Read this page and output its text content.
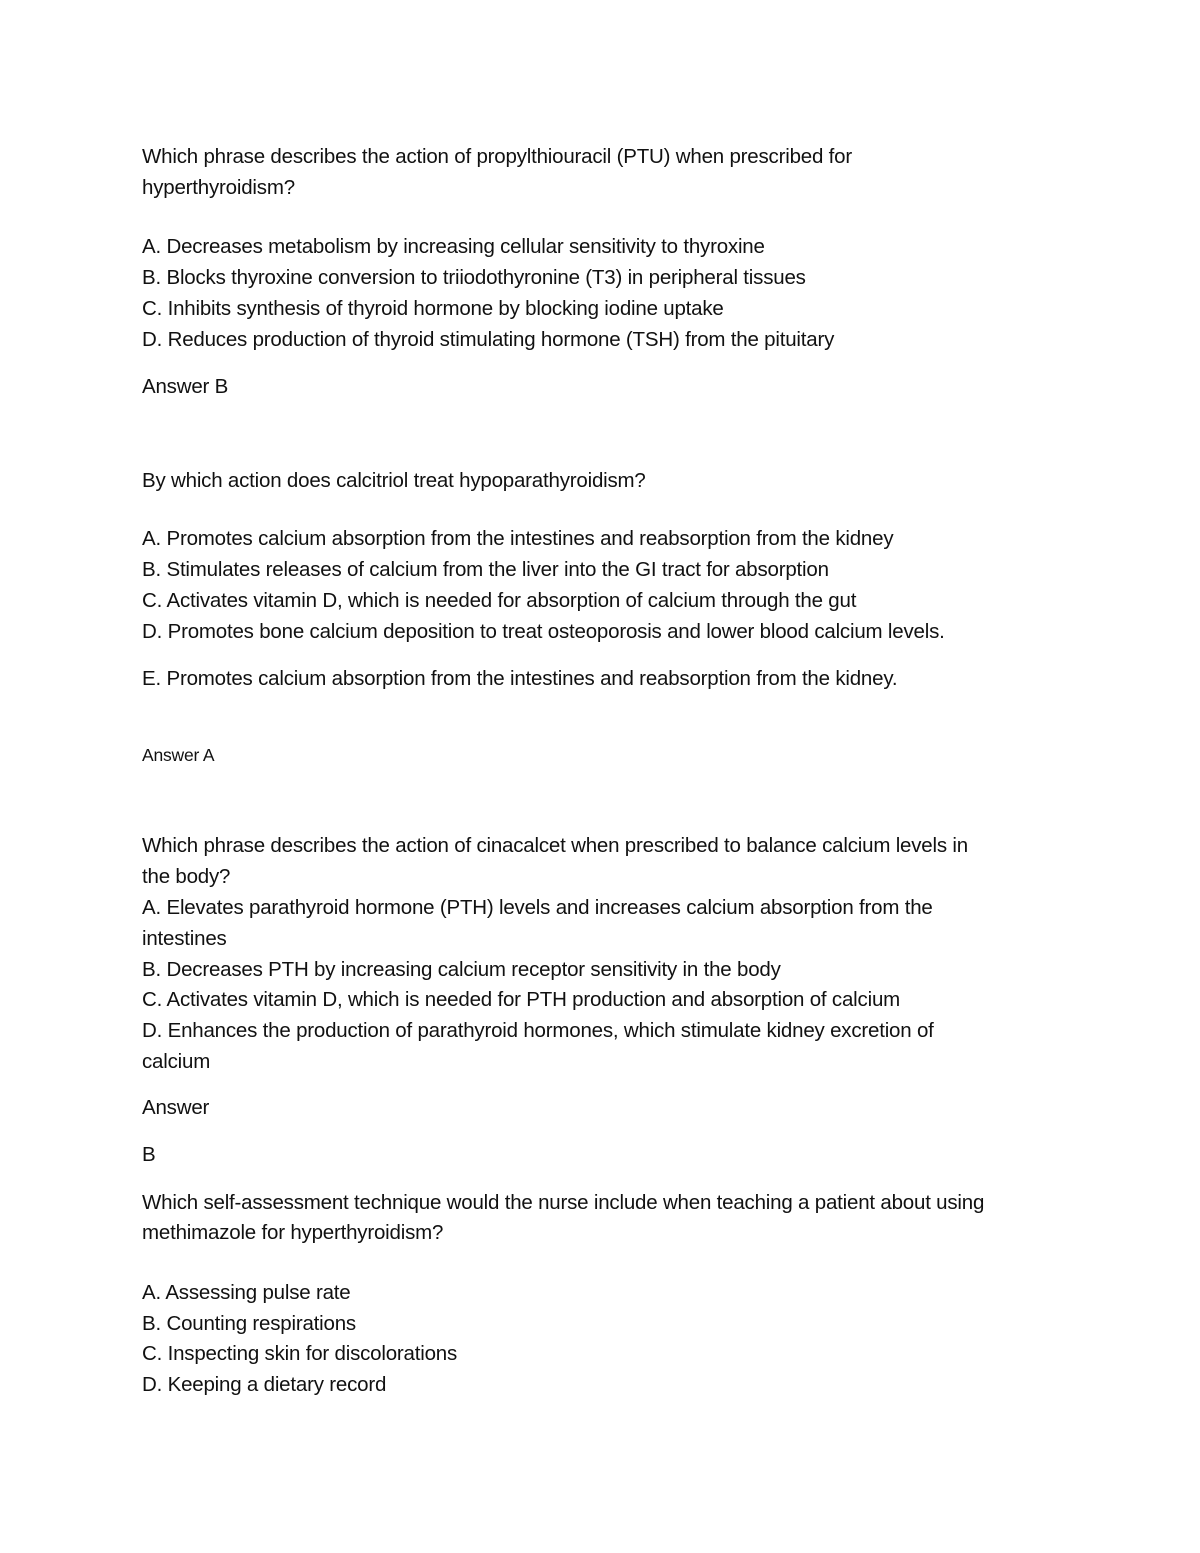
Which phrase describes the action of propylthiouracil (PTU) when prescribed for
hyperthyroidism?
A. Decreases metabolism by increasing cellular sensitivity to thyroxine
B. Blocks thyroxine conversion to triiodothyronine (T3) in peripheral tissues
C. Inhibits synthesis of thyroid hormone by blocking iodine uptake
D. Reduces production of thyroid stimulating hormone (TSH) from the pituitary
Answer B
By which action does calcitriol treat hypoparathyroidism?
A. Promotes calcium absorption from the intestines and reabsorption from the kidney
B. Stimulates releases of calcium from the liver into the GI tract for absorption
C. Activates vitamin D, which is needed for absorption of calcium through the gut
D. Promotes bone calcium deposition to treat osteoporosis and lower blood calcium levels.
E. Promotes calcium absorption from the intestines and reabsorption from the kidney.
Answer A
Which phrase describes the action of cinacalcet when prescribed to balance calcium levels in
the body?
A. Elevates parathyroid hormone (PTH) levels and increases calcium absorption from the
intestines
B. Decreases PTH by increasing calcium receptor sensitivity in the body
C. Activates vitamin D, which is needed for PTH production and absorption of calcium
D. Enhances the production of parathyroid hormones, which stimulate kidney excretion of
calcium
Answer
B
Which self-assessment technique would the nurse include when teaching a patient about using
methimazole for hyperthyroidism?
A. Assessing pulse rate
B. Counting respirations
C. Inspecting skin for discolorations
D. Keeping a dietary record
